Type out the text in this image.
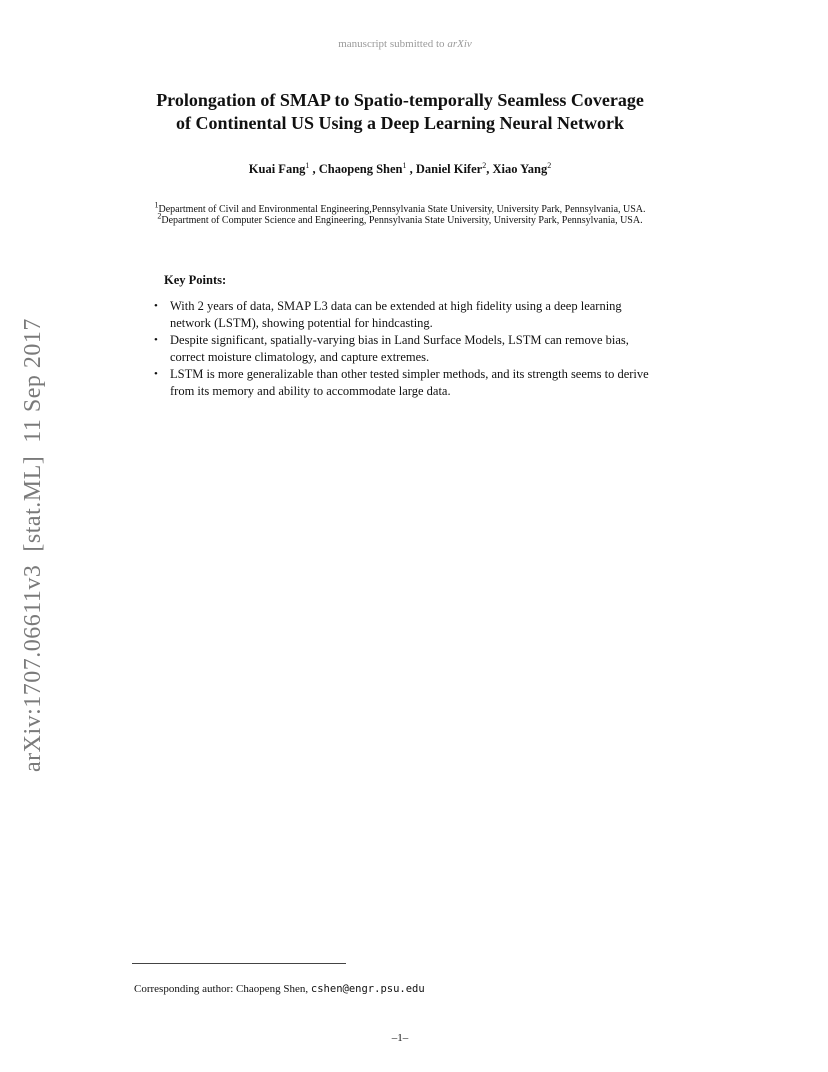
manuscript submitted to arXiv
Prolongation of SMAP to Spatio-temporally Seamless Coverage
of Continental US Using a Deep Learning Neural Network
Kuai Fang$^1$ , Chaopeng Shen$^1$ , Daniel Kifer$^2$, Xiao Yang$^2$
$^1$Department of Civil and Environmental Engineering,Pennsylvania State University, University Park, Pennsylvania, USA.
$^2$Department of Computer Science and Engineering, Pennsylvania State University, University Park, Pennsylvania, USA.
Key Points:
• With 2 years of data, SMAP L3 data can be extended at high fidelity using a deep learning network (LSTM), showing potential for hindcasting.
• Despite significant, spatially-varying bias in Land Surface Models, LSTM can remove bias, correct moisture climatology, and capture extremes.
• LSTM is more generalizable than other tested simpler methods, and its strength seems to derive from its memory and ability to accommodate large data.
arXiv:1707.06611v3  [stat.ML]  11 Sep 2017
Corresponding author: Chaopeng Shen, cshen@engr.psu.edu
–1–
